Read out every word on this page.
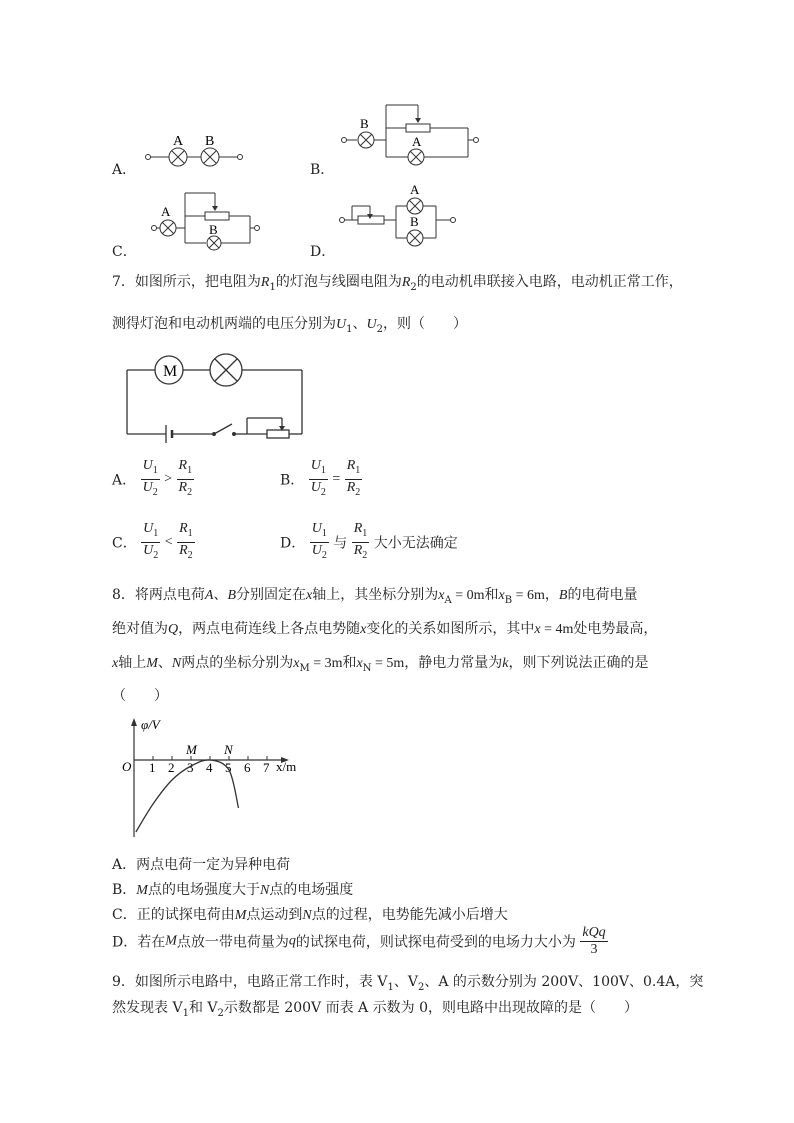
A．
A B
B．
B
A
C．
A
B
D．
A
B
7．如图所示，把电阻为$R_1$的灯泡与线圈电阻为$R_2$的电动机串联接入电路，电动机正常工作，
测得灯泡和电动机两端的电压分别为$U_1$、$U_2$，则（　　）
M
A． $\frac{U_1}{U_2} > \frac{R_1}{R_2}$	B． $\frac{U_1}{U_2} = \frac{R_1}{R_2}$
C． $\frac{U_1}{U_2} < \frac{R_1}{R_2}$	D． $\frac{U_1}{U_2}$ 与 $\frac{R_1}{R_2}$ 大小无法确定
8．将两点电荷A、B分别固定在x轴上，其坐标分别为$x_A = 0m$和$x_B = 6m$，B的电荷电量
绝对值为Q，两点电荷连线上各点电势随x变化的关系如图所示，其中x = 4m处电势最高，
x轴上M、N两点的坐标分别为$x_M = 3m$和$x_N = 5m$，静电力常量为k，则下列说法正确的是
（　　）
φ/V
x/m
O 1 2 3 4 5 6 7
M N
A．两点电荷一定为异种电荷
B．M点的电场强度大于N点的电场强度
C．正的试探电荷由M点运动到N点的过程，电势能先减小后增大
D．若在M点放一带电荷量为q的试探电荷，则试探电荷受到的电场力大小为 $\frac{\text{kQq}}{3}$
9．如图所示电路中，电路正常工作时，表 $V_1$、$V_2$、A 的示数分别为 200V、100V、0.4A，突
然发现表 $V_1$和 $V_2$示数都是 200V 而表 A 示数为 0，则电路中出现故障的是（　　）
